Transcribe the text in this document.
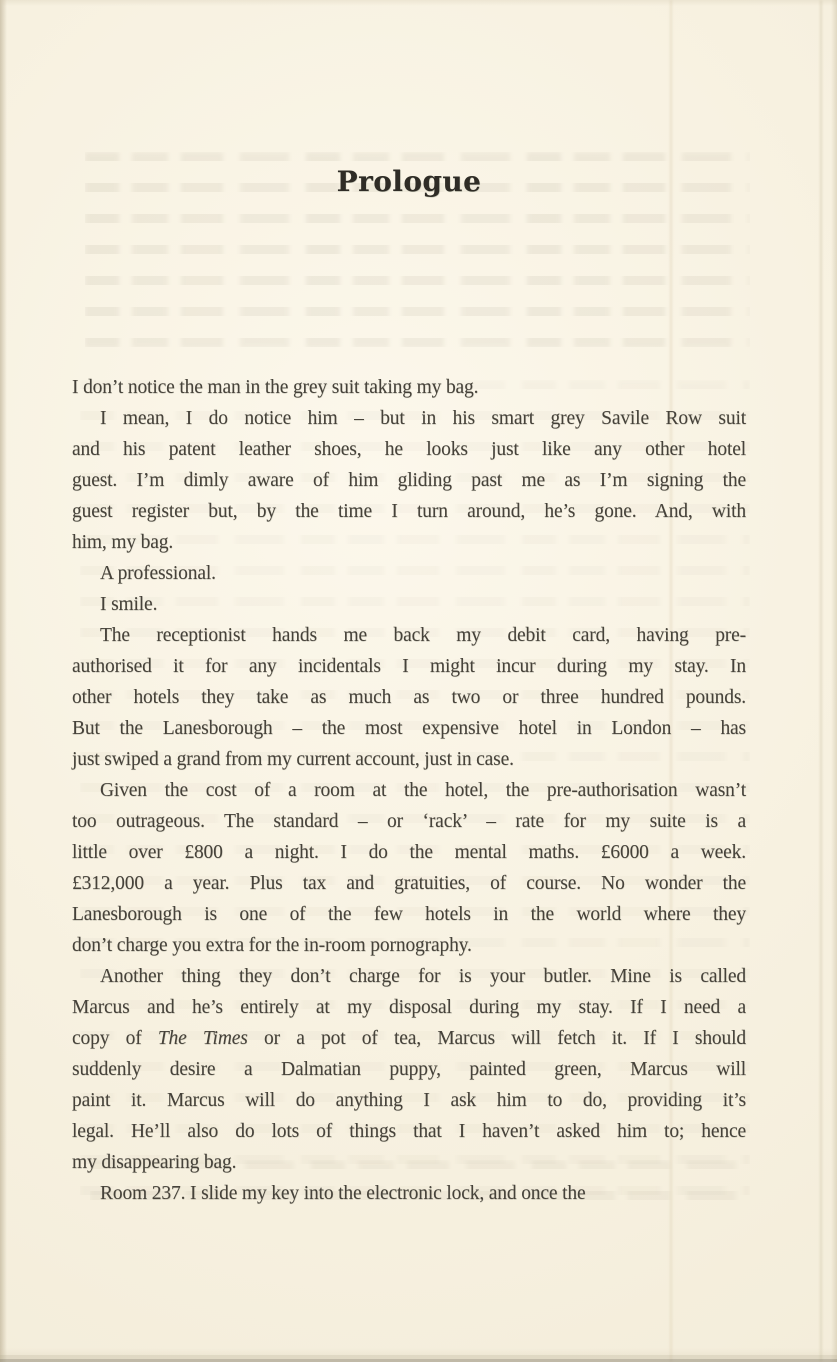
Prologue
I don’t notice the man in the grey suit taking my bag.
I mean, I do notice him – but in his smart grey Savile Row suit
and his patent leather shoes, he looks just like any other hotel
guest. I’m dimly aware of him gliding past me as I’m signing the
guest register but, by the time I turn around, he’s gone. And, with
him, my bag.
A professional.
I smile.
The receptionist hands me back my debit card, having pre-
authorised it for any incidentals I might incur during my stay. In
other hotels they take as much as two or three hundred pounds.
But the Lanesborough – the most expensive hotel in London – has
just swiped a grand from my current account, just in case.
Given the cost of a room at the hotel, the pre-authorisation wasn’t
too outrageous. The standard – or ‘rack’ – rate for my suite is a
little over £800 a night. I do the mental maths. £6000 a week.
£312,000 a year. Plus tax and gratuities, of course. No wonder the
Lanesborough is one of the few hotels in the world where they
don’t charge you extra for the in-room pornography.
Another thing they don’t charge for is your butler. Mine is called
Marcus and he’s entirely at my disposal during my stay. If I need a
copy of The Times or a pot of tea, Marcus will fetch it. If I should
suddenly desire a Dalmatian puppy, painted green, Marcus will
paint it. Marcus will do anything I ask him to do, providing it’s
legal. He’ll also do lots of things that I haven’t asked him to; hence
my disappearing bag.
Room 237. I slide my key into the electronic lock, and once the
